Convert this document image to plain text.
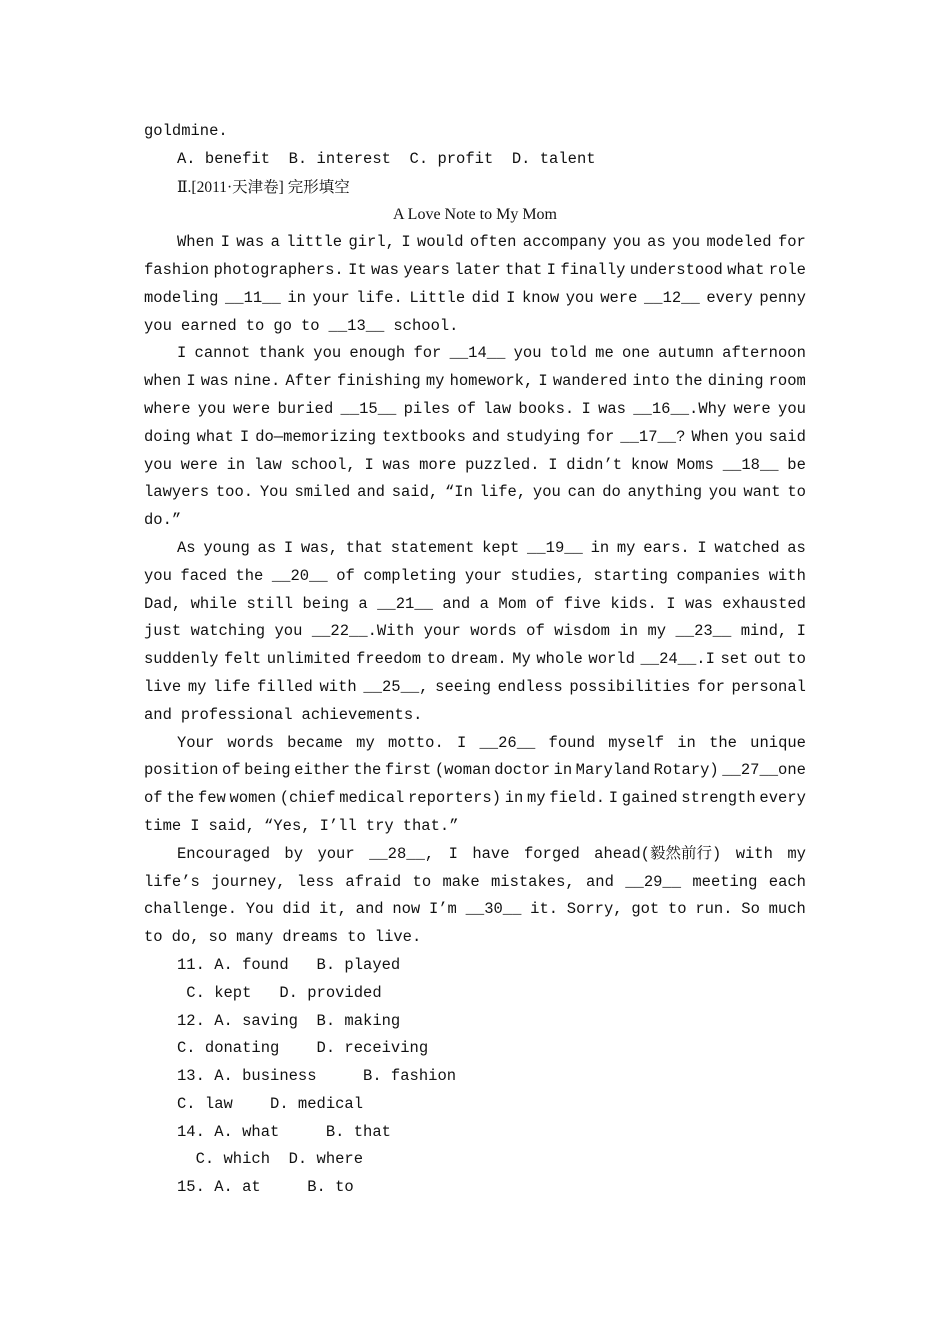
goldmine.
A. benefit  B. interest  C. profit  D. talent
Ⅱ.[2011·天津卷] 完形填空
A Love Note to My Mom
When I was a little girl, I would often accompany you as you modeled for
fashion photographers. It was years later that I finally understood what role
modeling __11__ in your life. Little did I know you were __12__ every penny
you earned to go to __13__ school.
I cannot thank you enough for __14__ you told me one autumn afternoon
when I was nine. After finishing my homework, I wandered into the dining room
where you were buried __15__ piles of law books. I was __16__.Why were you
doing what I do—memorizing textbooks and studying for __17__? When you said
you were in law school, I was more puzzled. I didn’t know Moms __18__ be
lawyers too. You smiled and said, “In life, you can do anything you want to
do.”
As young as I was, that statement kept __19__ in my ears. I watched as
you faced the __20__ of completing your studies, starting companies with
Dad, while still being a __21__ and a Mom of five kids. I was exhausted
just watching you __22__.With your words of wisdom in my __23__ mind, I
suddenly felt unlimited freedom to dream. My whole world __24__.I set out to
live my life filled with __25__, seeing endless possibilities for personal
and professional achievements.
Your words became my motto. I __26__ found myself in the unique
position of being either the first (woman doctor in Maryland Rotary) __27__one
of the few women (chief medical reporters) in my field. I gained strength every
time I said, “Yes, I’ll try that.”
Encouraged by your __28__, I have forged ahead(毅然前行) with my
life’s journey, less afraid to make mistakes, and __29__ meeting each
challenge. You did it, and now I’m __30__ it. Sorry, got to run. So much
to do, so many dreams to live.
11. A. found   B. played
C. kept   D. provided
12. A. saving  B. making
C. donating    D. receiving
13. A. business     B. fashion
C. law    D. medical
14. A. what     B. that
C. which  D. where
15. A. at     B. to
